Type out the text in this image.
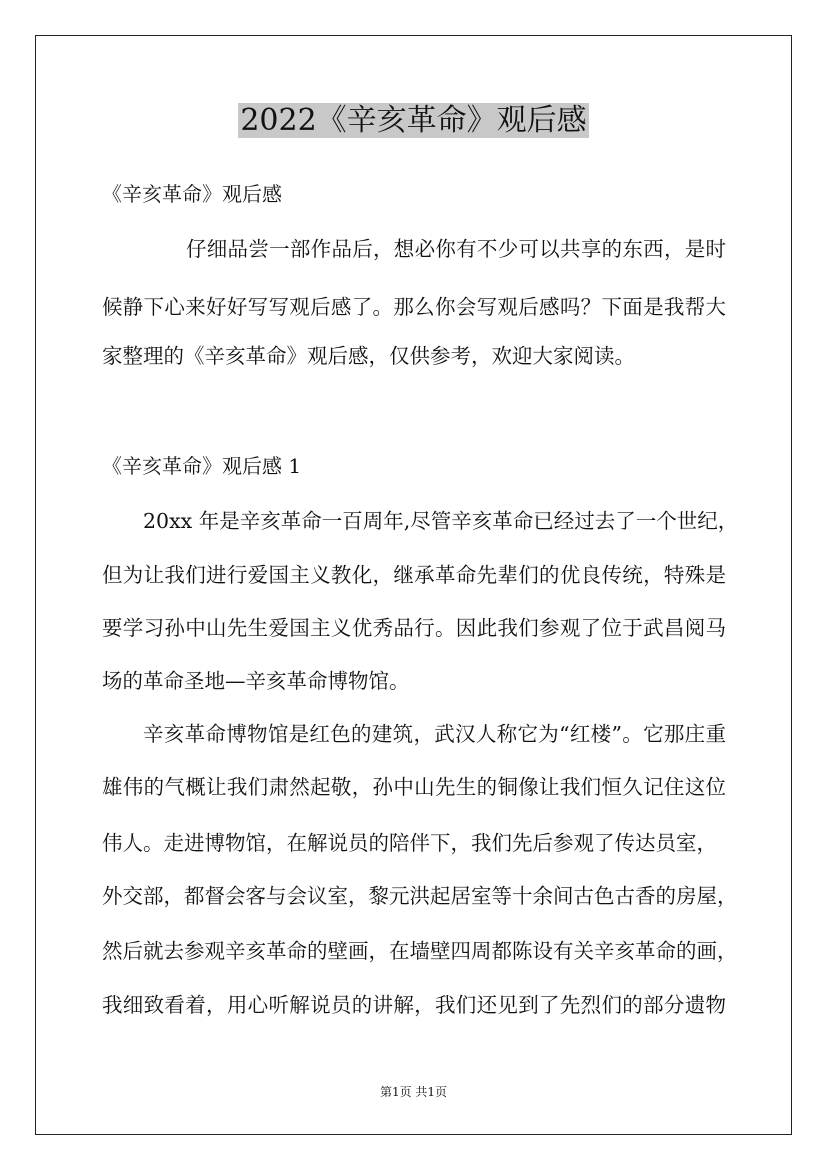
2022《辛亥革命》观后感
《辛亥革命》观后感
仔细品尝一部作品后，想必你有不少可以共享的东西，是时
候静下心来好好写写观后感了。那么你会写观后感吗？下面是我帮大
家整理的《辛亥革命》观后感，仅供参考，欢迎大家阅读。
《辛亥革命》观后感 1
20xx 年是辛亥革命一百周年,尽管辛亥革命已经过去了一个世纪，
但为让我们进行爱国主义教化，继承革命先辈们的优良传统，特殊是
要学习孙中山先生爱国主义优秀品行。因此我们参观了位于武昌阅马
场的革命圣地—辛亥革命博物馆。
辛亥革命博物馆是红色的建筑，武汉人称它为“红楼”。它那庄重
雄伟的气概让我们肃然起敬，孙中山先生的铜像让我们恒久记住这位
伟人。走进博物馆，在解说员的陪伴下，我们先后参观了传达员室，
外交部，都督会客与会议室，黎元洪起居室等十余间古色古香的房屋，
然后就去参观辛亥革命的壁画，在墙壁四周都陈设有关辛亥革命的画，
我细致看着，用心听解说员的讲解，我们还见到了先烈们的部分遗物
第1页 共1页
